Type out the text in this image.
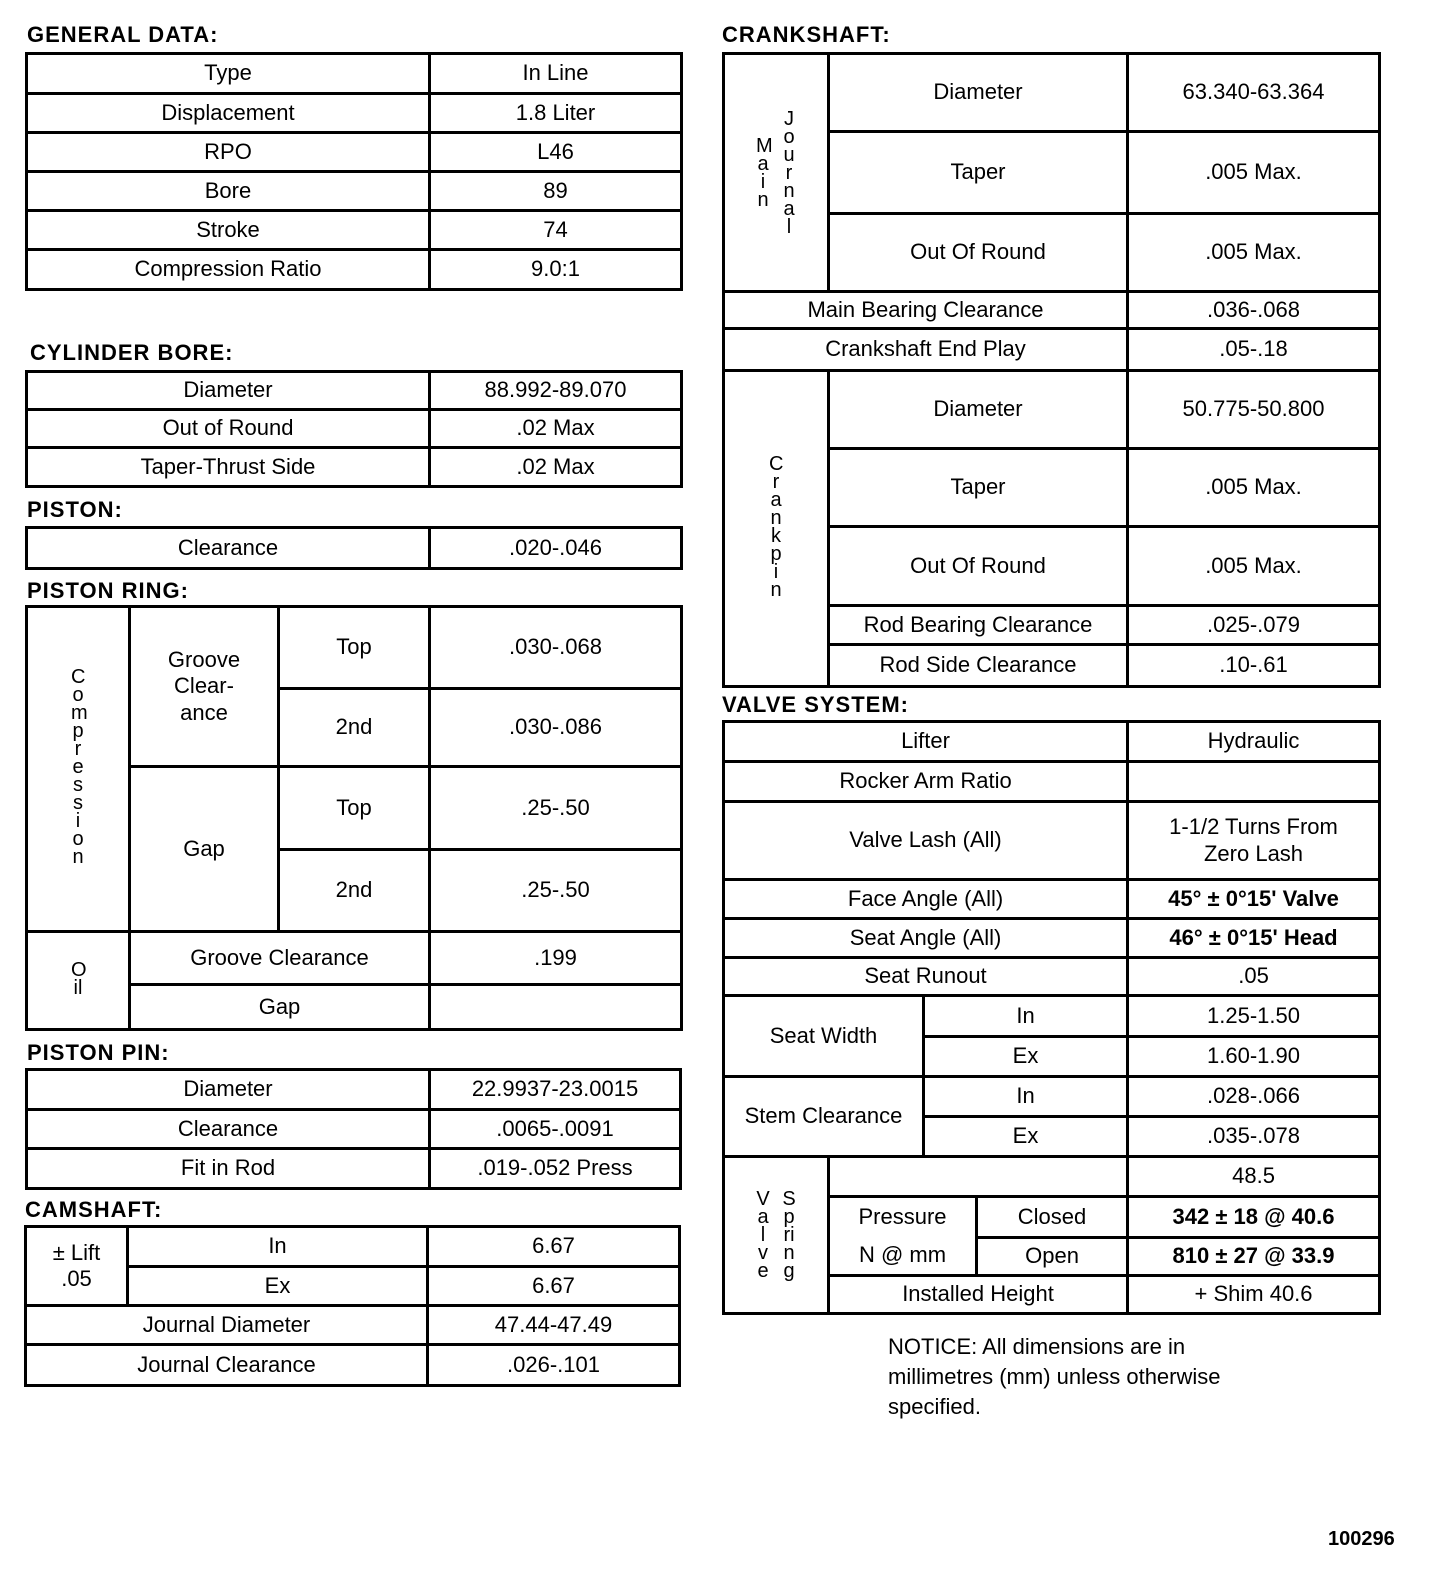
GENERAL DATA:
Type	In Line
Displacement	1.8 Liter
RPO	L46
Bore	89
Stroke	74
Compression Ratio	9.0:1
CYLINDER BORE:
Diameter	88.992-89.070
Out of Round	.02 Max
Taper-Thrust Side	.02 Max
PISTON:
Clearance	.020-.046
PISTON RING:
Compression	Groove Clear- ance	Top	.030-.068
		2nd	.030-.086
	Gap	Top	.25-.50
		2nd	.25-.50
Oil	Groove Clearance		.199
	Gap		
PISTON PIN:
Diameter	22.9937-23.0015
Clearance	.0065-.0091
Fit in Rod	.019-.052 Press
CAMSHAFT:
± Lift
.05	In	6.67
	Ex	6.67
Journal Diameter		47.44-47.49
Journal Clearance		.026-.101
CRANKSHAFT:
MainJournal	Diameter	63.340-63.364
	Taper	.005 Max.
	Out Of Round	.005 Max.
Main Bearing Clearance		.036-.068
Crankshaft End Play		.05-.18
Crankpin	Diameter	50.775-50.800
	Taper	.005 Max.
	Out Of Round	.005 Max.
	Rod Bearing Clearance	.025-.079
	Rod Side Clearance	.10-.61
VALVE SYSTEM:
Lifter				Hydraulic
Rocker Arm Ratio				
Valve Lash (All)				1-1/2 Turns From Zero Lash
Face Angle (All)				45° ± 0°15' Valve
Seat Angle (All)				46° ± 0°15' Head
Seat Runout				.05
Seat Width		In		1.25-1.50
		Ex		1.60-1.90
Stem Clearance		In		.028-.066
		Ex		.035-.078
ValveSpring				48.5
	Pressure N @ mm		Closed	342 ± 18 @ 40.6
			Open	810 ± 27 @ 33.9
	Installed Height			+ Shim 40.6
NOTICE: All dimensions are in millimetres (mm) unless otherwise specified.
100296
